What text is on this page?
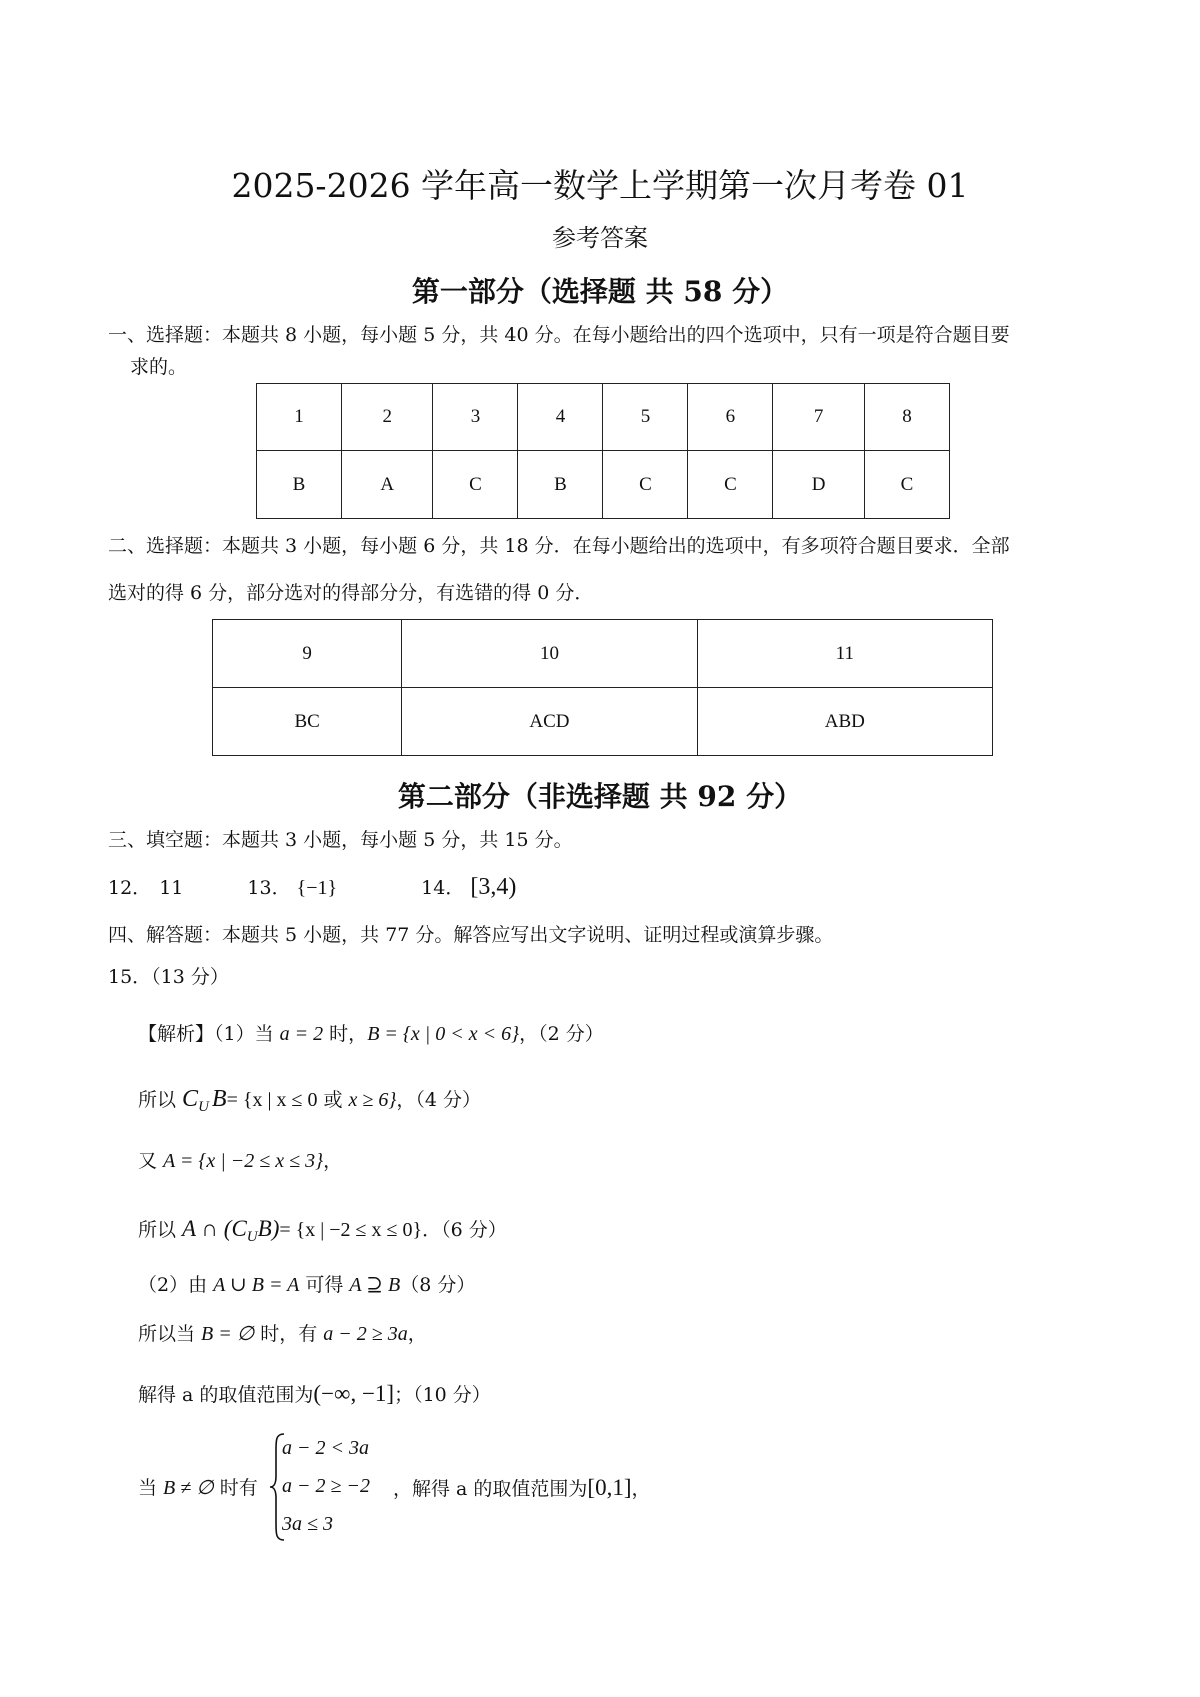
2025-2026 学年高一数学上学期第一次月考卷 01
参考答案
第一部分（选择题 共 58 分）
一、选择题：本题共 8 小题，每小题 5 分，共 40 分。在每小题给出的四个选项中，只有一项是符合题目要
求的。
1	2	3	4	5	6	7	8
B	A	C	B	C	C	D	C
二、选择题：本题共 3 小题，每小题 6 分，共 18 分．在每小题给出的选项中，有多项符合题目要求．全部
选对的得 6 分，部分选对的得部分分，有选错的得 0 分．
9	10	11
BC	ACD	ABD
第二部分（非选择题 共 92 分）
三、填空题：本题共 3 小题，每小题 5 分，共 15 分。
12． 11	13． {−1}	14． [3,4)
四、解答题：本题共 5 小题，共 77 分。解答应写出文字说明、证明过程或演算步骤。
15．（13 分）
【解析】（1）当 a = 2 时，B = {x | 0 < x < 6}，（2 分）
所以 $C_U$ B= {x | x ≤ 0 或 x ≥ 6}，（4 分）
又 A = {x | −2 ≤ x ≤ 3}，
所以 A ∩ $(C_UB)= \{x$ | −2 ≤ x ≤ 0}．（6 分）
（2）由 A ∪ B = A 可得 A ⊇ B（8 分）
所以当 B = ∅ 时，有 a − 2 ≥ 3a，
解得 a 的取值范围为(−∞, −1]；（10 分）
当 B ≠ ∅ 时有
a − 2 < 3a
a − 2 ≥ −2
3a ≤ 3
，解得 a 的取值范围为[0,1]，
